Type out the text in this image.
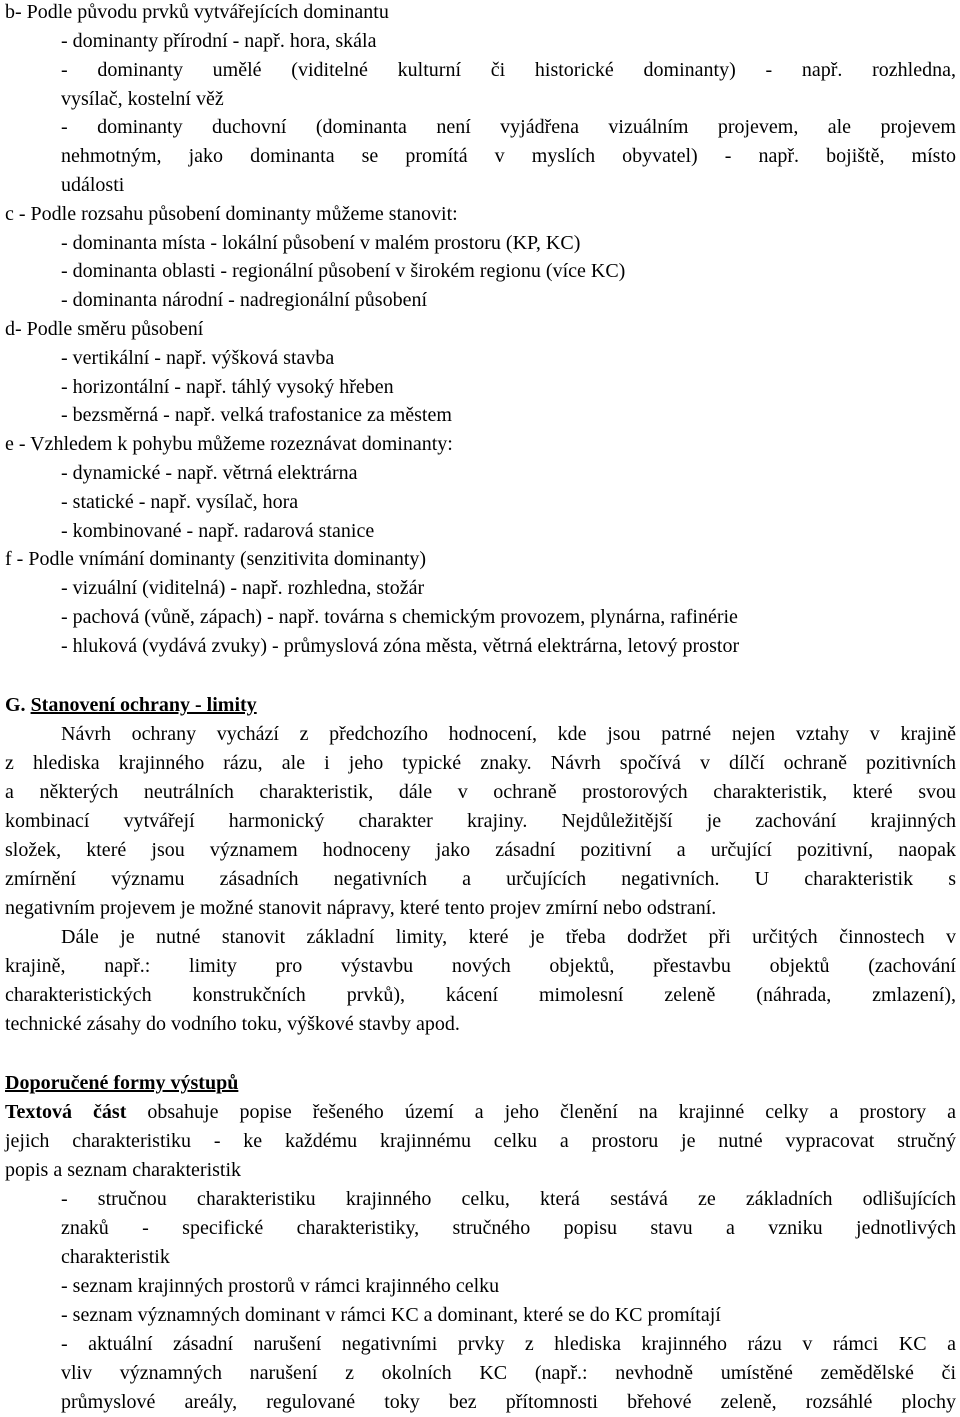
b- Podle původu prvků vytvářejících dominantu
- dominanty přírodní - např. hora, skála
- dominanty umělé (viditelné kulturní či historické dominanty) - např. rozhledna,
vysílač, kostelní věž
- dominanty duchovní (dominanta není vyjádřena vizuálním projevem, ale projevem
nehmotným, jako dominanta se promítá v myslích obyvatel) - např. bojiště, místo
události
c - Podle rozsahu působení dominanty můžeme stanovit:
- dominanta místa - lokální působení v malém prostoru (KP, KC)
- dominanta oblasti - regionální působení v širokém regionu (více KC)
- dominanta národní - nadregionální působení
d- Podle směru působení
- vertikální - např. výšková stavba
- horizontální - např. táhlý vysoký hřeben
- bezsměrná - např. velká trafostanice za městem
e - Vzhledem k pohybu můžeme rozeznávat dominanty:
- dynamické - např. větrná elektrárna
- statické - např. vysílač, hora
- kombinované - např. radarová stanice
f - Podle vnímání dominanty (senzitivita dominanty)
- vizuální (viditelná) - např. rozhledna, stožár
- pachová (vůně, zápach) - např. továrna s chemickým provozem, plynárna, rafinérie
- hluková (vydává zvuky) - průmyslová zóna města, větrná elektrárna, letový prostor
G. Stanovení ochrany - limity
Návrh ochrany vychází z předchozího hodnocení, kde jsou patrné nejen vztahy v krajině
z hlediska krajinného rázu, ale i jeho typické znaky. Návrh spočívá v dílčí ochraně pozitivních
a některých neutrálních charakteristik, dále v ochraně prostorových charakteristik, které svou
kombinací vytvářejí harmonický charakter krajiny. Nejdůležitější je zachování krajinných
složek, které jsou významem hodnoceny jako zásadní pozitivní a určující pozitivní, naopak
zmírnění významu zásadních negativních a určujících negativních. U charakteristik s
negativním projevem je možné stanovit nápravy, které tento projev zmírní nebo odstraní.
Dále je nutné stanovit základní limity, které je třeba dodržet při určitých činnostech v
krajině, např.: limity pro výstavbu nových objektů, přestavbu objektů (zachování
charakteristických konstrukčních prvků), kácení mimolesní zeleně (náhrada, zmlazení),
technické zásahy do vodního toku, výškové stavby apod.
Doporučené formy výstupů
Textová část obsahuje popise řešeného území a jeho členění na krajinné celky a prostory a
jejich charakteristiku - ke každému krajinnému celku a prostoru je nutné vypracovat stručný
popis a seznam charakteristik
- stručnou charakteristiku krajinného celku, která sestává ze základních odlišujících
znaků - specifické charakteristiky, stručného popisu stavu a vzniku jednotlivých
charakteristik
- seznam krajinných prostorů v rámci krajinného celku
- seznam významných dominant v rámci KC a dominant, které se do KC promítají
- aktuální zásadní narušení negativními prvky z hlediska krajinného rázu v rámci KC a
vliv významných narušení z okolních KC (např.: nevhodně umístěné zemědělské či
průmyslové areály, regulované toky bez přítomnosti břehové zeleně, rozsáhlé plochy
